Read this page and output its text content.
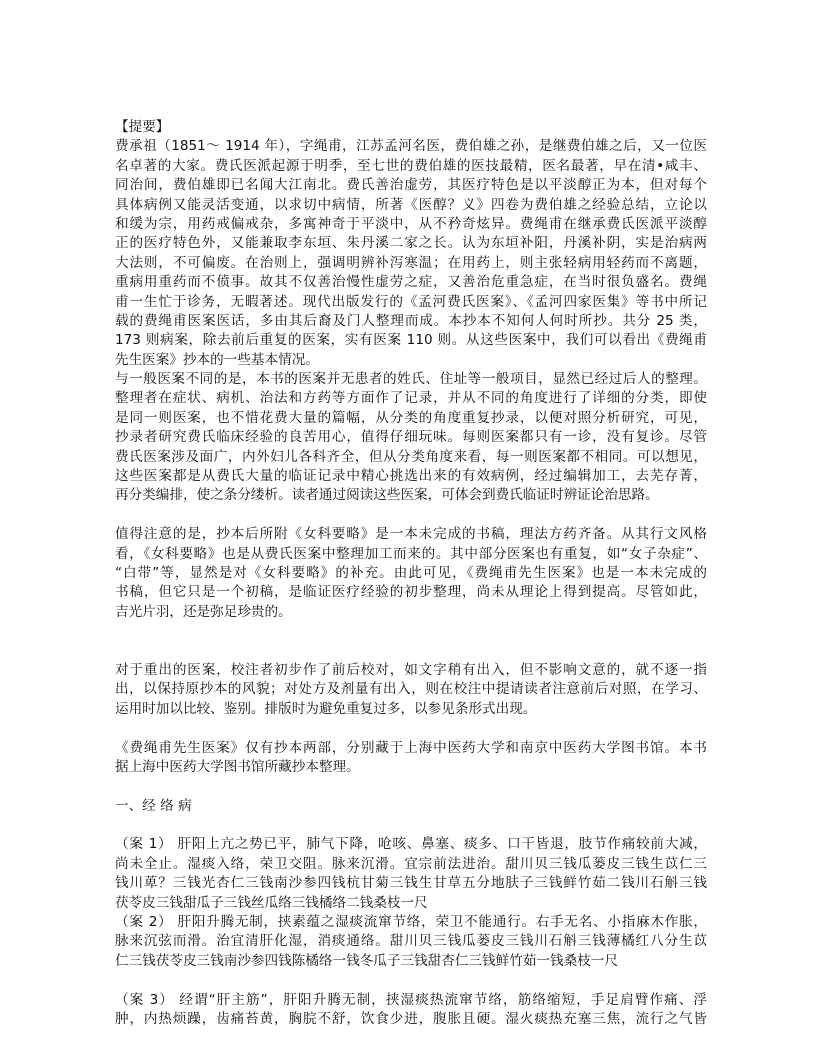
【提要】
费承祖（1851～ 1914 年），字绳甫，江苏孟河名医，费伯雄之孙，是继费伯雄之后，又一位医
名卓著的大家。费氏医派起源于明季，至七世的费伯雄的医技最精，医名最著，早在清•咸丰、
同治间，费伯雄即已名闻大江南北。费氏善治虚劳，其医疗特色是以平淡醇正为本，但对每个
具体病例又能灵活变通，以求切中病情，所著《医醇？义》四卷为费伯雄之经验总结，立论以
和缓为宗，用药戒偏戒杂，多寓神奇于平淡中，从不矜奇炫异。费绳甫在继承费氏医派平淡醇
正的医疗特色外，又能兼取李东垣、朱丹溪二家之长。认为东垣补阳，丹溪补阴，实是治病两
大法则，不可偏废。在治则上，强调明辨补泻寒温；在用药上，则主张轻病用轻药而不离题，
重病用重药而不偾事。故其不仅善治慢性虚劳之症，又善治危重急症，在当时很负盛名。费绳
甫一生忙于诊务，无暇著述。现代出版发行的《孟河费氏医案》、《孟河四家医集》等书中所记
载的费绳甫医案医话，多由其后裔及门人整理而成。本抄本不知何人何时所抄。共分 25 类，
173 则病案，除去前后重复的医案，实有医案 110 则。从这些医案中，我们可以看出《费绳甫
先生医案》抄本的一些基本情况。
与一般医案不同的是，本书的医案并无患者的姓氏、住址等一般项目，显然已经过后人的整理。
整理者在症状、病机、治法和方药等方面作了记录，并从不同的角度进行了详细的分类，即使
是同一则医案，也不惜花费大量的篇幅，从分类的角度重复抄录，以便对照分析研究，可见，
抄录者研究费氏临床经验的良苦用心，值得仔细玩味。每则医案都只有一诊，没有复诊。尽管
费氏医案涉及面广，内外妇儿各科齐全，但从分类角度来看，每一则医案都不相同。可以想见，
这些医案都是从费氏大量的临证记录中精心挑选出来的有效病例，经过编辑加工，去芜存菁，
再分类编排，使之条分缕析。读者通过阅读这些医案，可体会到费氏临证时辨证论治思路。
值得注意的是，抄本后所附《女科要略》是一本未完成的书稿，理法方药齐备。从其行文风格
看，《女科要略》也是从费氏医案中整理加工而来的。其中部分医案也有重复，如“女子杂症”、
“白带”等，显然是对《女科要略》的补充。由此可见，《费绳甫先生医案》也是一本未完成的
书稿，但它只是一个初稿，是临证医疗经验的初步整理，尚未从理论上得到提高。尽管如此，
吉光片羽，还是弥足珍贵的。
对于重出的医案，校注者初步作了前后校对，如文字稍有出入，但不影响文意的，就不逐一指
出，以保持原抄本的风貌；对处方及剂量有出入，则在校注中提请读者注意前后对照，在学习、
运用时加以比较、鉴别。排版时为避免重复过多，以参见条形式出现。
《费绳甫先生医案》仅有抄本两部，分别藏于上海中医药大学和南京中医药大学图书馆。本书
据上海中医药大学图书馆所藏抄本整理。
一、经 络 病
（案 1） 肝阳上亢之势已平，肺气下降，呛咳、鼻塞、痰多、口干皆退，肢节作痛较前大减，
尚未全止。湿痰入络，荣卫交阻。脉来沉滑。宜宗前法进治。甜川贝三钱瓜蒌皮三钱生苡仁三
钱川萆？三钱光杏仁三钱南沙参四钱杭甘菊三钱生甘草五分地肤子三钱鲜竹茹二钱川石斛三钱
茯苓皮三钱甜瓜子三钱丝瓜络三钱橘络二钱桑枝一尺
（案 2） 肝阳升腾无制，挟素蕴之湿痰流窜节络，荣卫不能通行。右手无名、小指麻木作胀，
脉来沉弦而滑。治宜清肝化湿，消痰通络。甜川贝三钱瓜蒌皮三钱川石斛三钱薄橘红八分生苡
仁三钱茯苓皮三钱南沙参四钱陈橘络一钱冬瓜子三钱甜杏仁三钱鲜竹茹一钱桑枝一尺
（案 3） 经谓“肝主筋”，肝阳升腾无制，挟湿痰热流窜节络，筋络缩短，手足肩臂作痛、浮
肿，内热烦躁，齿痛苔黄，胸脘不舒，饮食少进，腹胀且硬。湿火痰热充塞三焦，流行之气皆
